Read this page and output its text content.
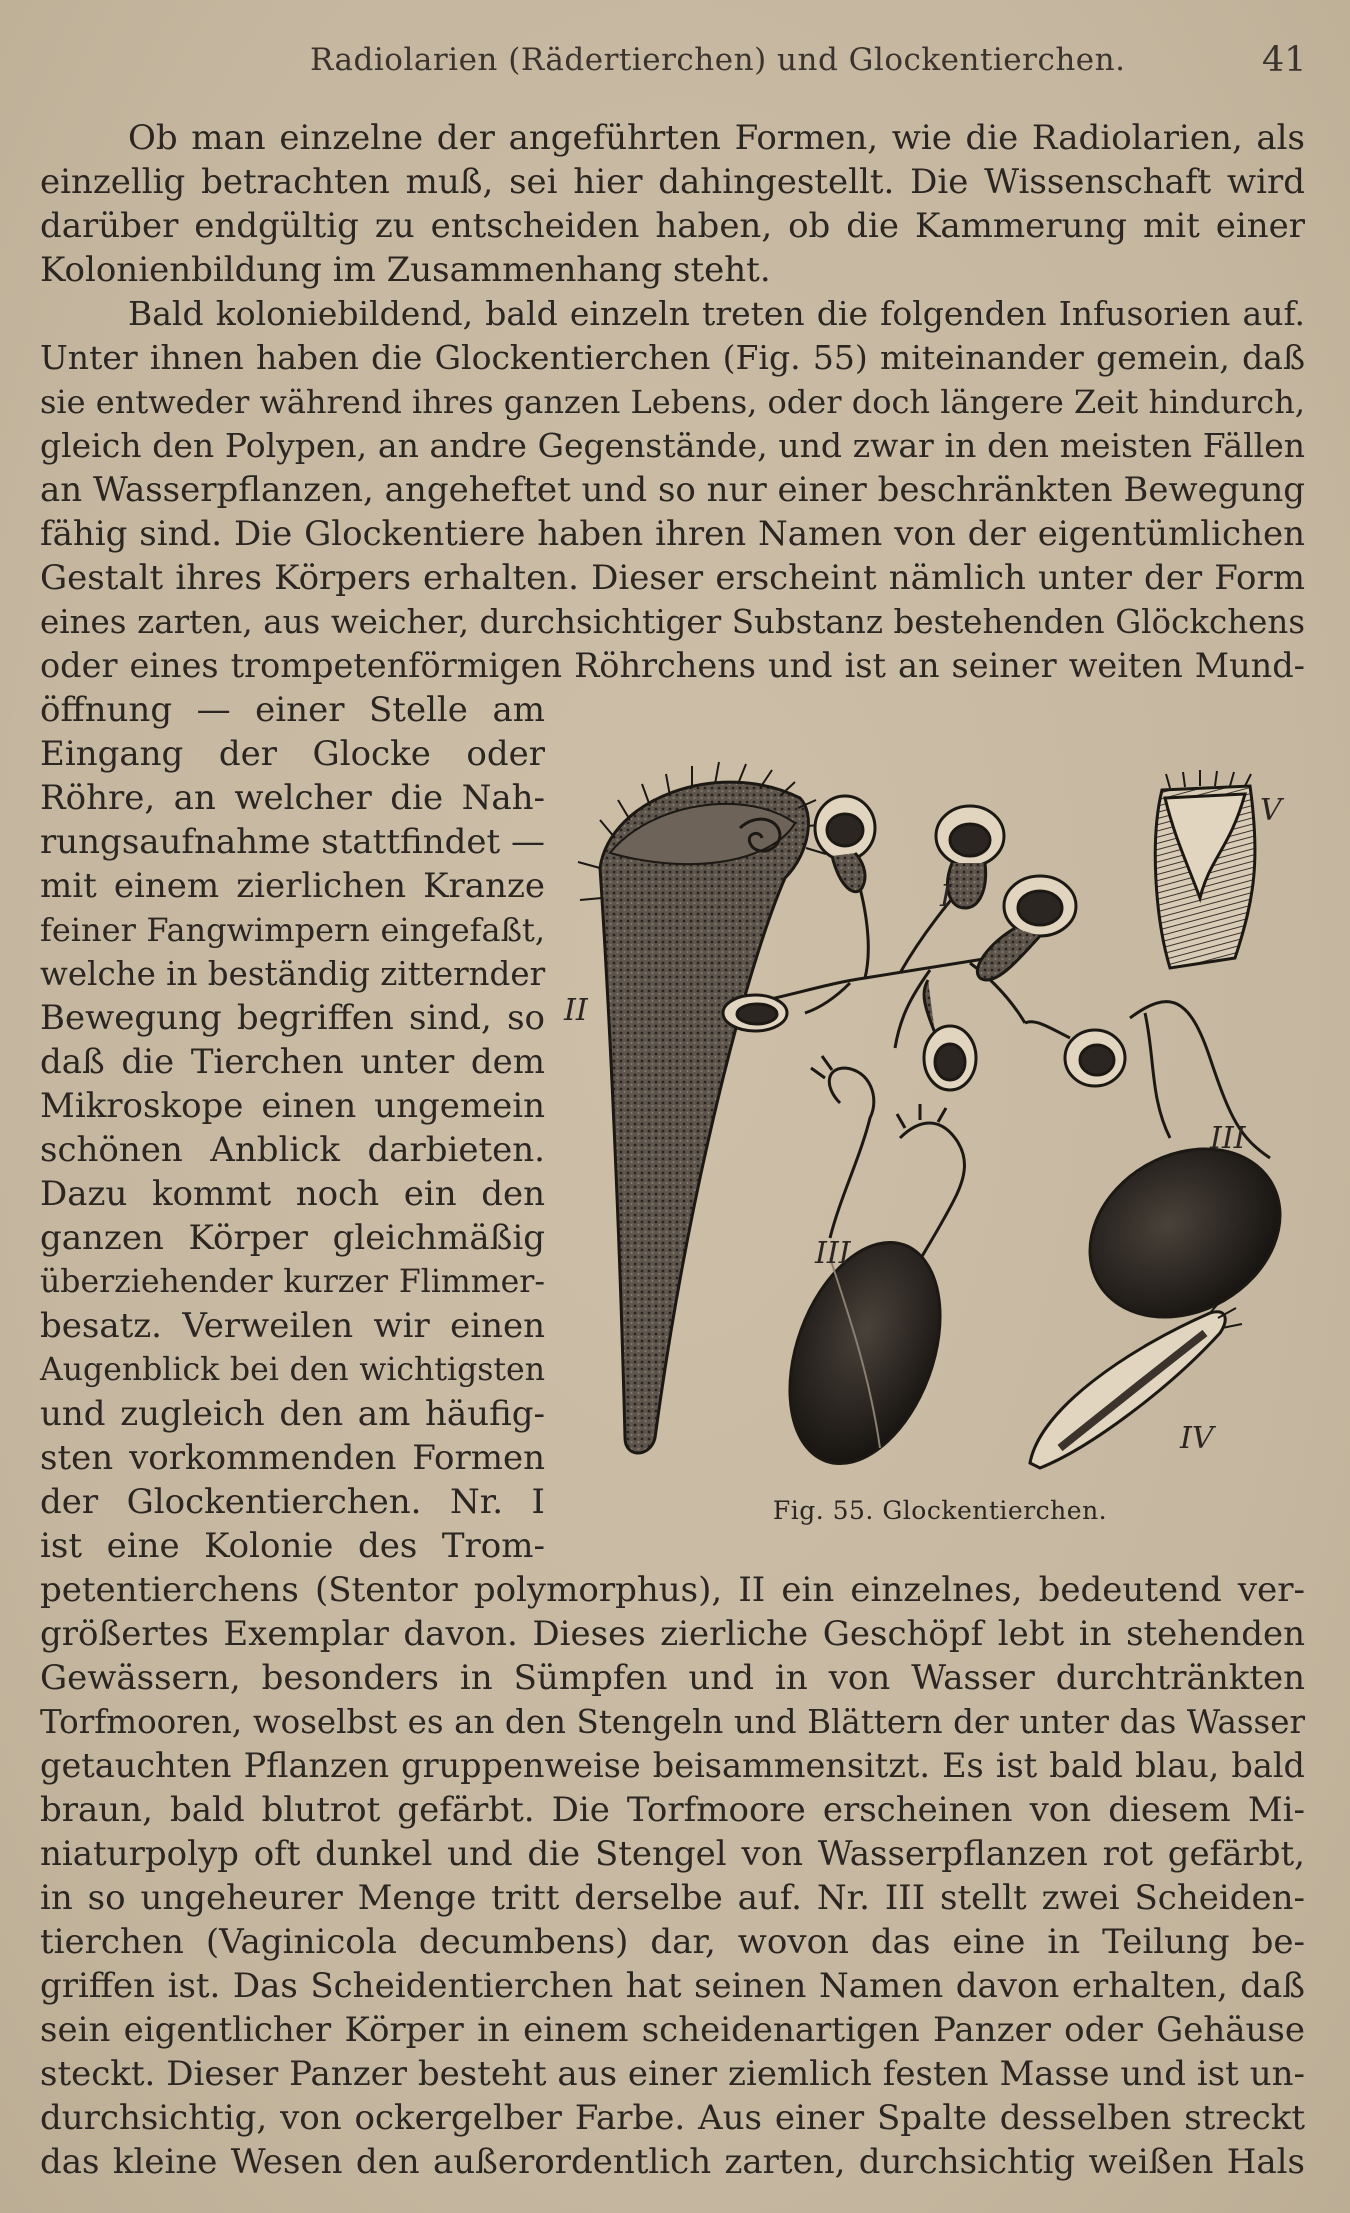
Radiolarien (Rädertierchen) und Glockentierchen.	41
Ob man einzelne der angeführten Formen, wie die Radiolarien, als
einzellig betrachten muß, sei hier dahingestellt. Die Wissenschaft wird
darüber endgültig zu entscheiden haben, ob die Kammerung mit einer
Kolonienbildung im Zusammenhang steht.
Bald koloniebildend, bald einzeln treten die folgenden Infusorien auf.
Unter ihnen haben die Glockentierchen (Fig. 55) miteinander gemein, daß
sie entweder während ihres ganzen Lebens, oder doch längere Zeit hindurch,
gleich den Polypen, an andre Gegenstände, und zwar in den meisten Fällen
an Wasserpflanzen, angeheftet und so nur einer beschränkten Bewegung
fähig sind. Die Glockentiere haben ihren Namen von der eigentümlichen
Gestalt ihres Körpers erhalten. Dieser erscheint nämlich unter der Form
eines zarten, aus weicher, durchsichtiger Substanz bestehenden Glöckchens
oder eines trompetenförmigen Röhrchens und ist an seiner weiten Mund-
öffnung — einer Stelle am
Eingang der Glocke oder
Röhre, an welcher die Nah-
rungsaufnahme stattfindet —
mit einem zierlichen Kranze
feiner Fangwimpern eingefaßt,
welche in beständig zitternder
Bewegung begriffen sind, so
daß die Tierchen unter dem
Mikroskope einen ungemein
schönen Anblick darbieten.
Dazu kommt noch ein den
ganzen Körper gleichmäßig
überziehender kurzer Flimmer-
besatz. Verweilen wir einen
Augenblick bei den wichtigsten
und zugleich den am häufig-
sten vorkommenden Formen
der Glockentierchen. Nr. I
ist eine Kolonie des Trom-
petentierchens (Stentor polymorphus), II ein einzelnes, bedeutend ver-
größertes Exemplar davon. Dieses zierliche Geschöpf lebt in stehenden
Gewässern, besonders in Sümpfen und in von Wasser durchtränkten
Torfmooren, woselbst es an den Stengeln und Blättern der unter das Wasser
getauchten Pflanzen gruppenweise beisammensitzt. Es ist bald blau, bald
braun, bald blutrot gefärbt. Die Torfmoore erscheinen von diesem Mi-
niaturpolyp oft dunkel und die Stengel von Wasserpflanzen rot gefärbt,
in so ungeheurer Menge tritt derselbe auf. Nr. III stellt zwei Scheiden-
tierchen (Vaginicola decumbens) dar, wovon das eine in Teilung be-
griffen ist. Das Scheidentierchen hat seinen Namen davon erhalten, daß
sein eigentlicher Körper in einem scheidenartigen Panzer oder Gehäuse
steckt. Dieser Panzer besteht aus einer ziemlich festen Masse und ist un-
durchsichtig, von ockergelber Farbe. Aus einer Spalte desselben streckt
das kleine Wesen den außerordentlich zarten, durchsichtig weißen Hals
I
II
III
III
IV
V
Fig. 55. Glockentierchen.
